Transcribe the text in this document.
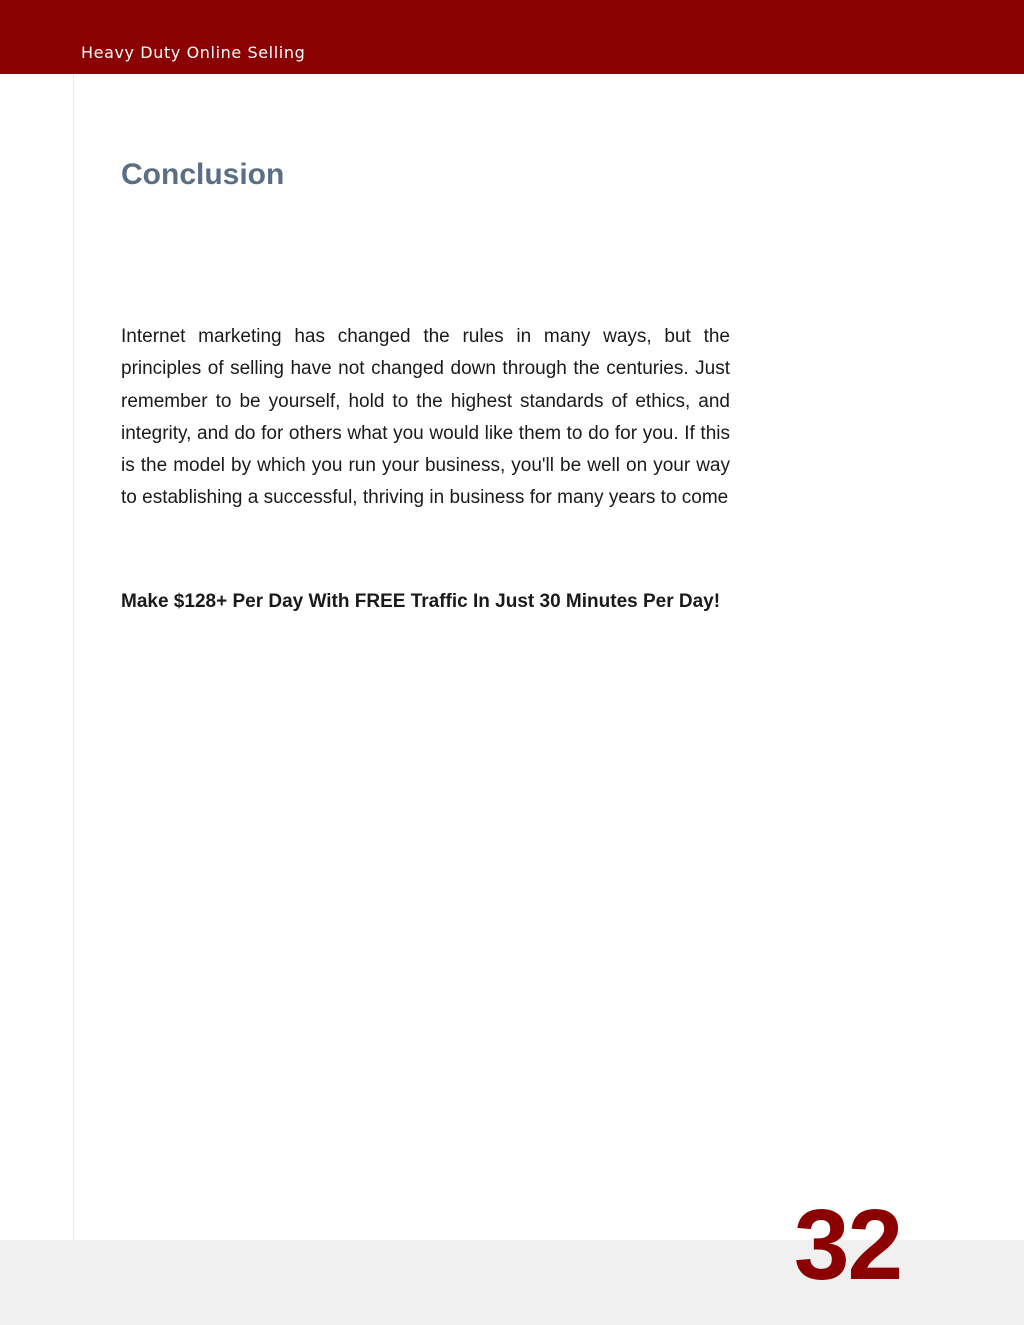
Heavy Duty Online Selling
Conclusion

Internet marketing has changed the rules in many ways, but the principles of selling have not changed down through the centuries. Just remember to be yourself, hold to the highest standards of ethics, and integrity, and do for others what you would like them to do for you. If this is the model by which you run your business, you'll be well on your way to establishing a successful, thriving in business for many years to come

Make $128+ Per Day With FREE Traffic In Just 30 Minutes Per Day!
32
